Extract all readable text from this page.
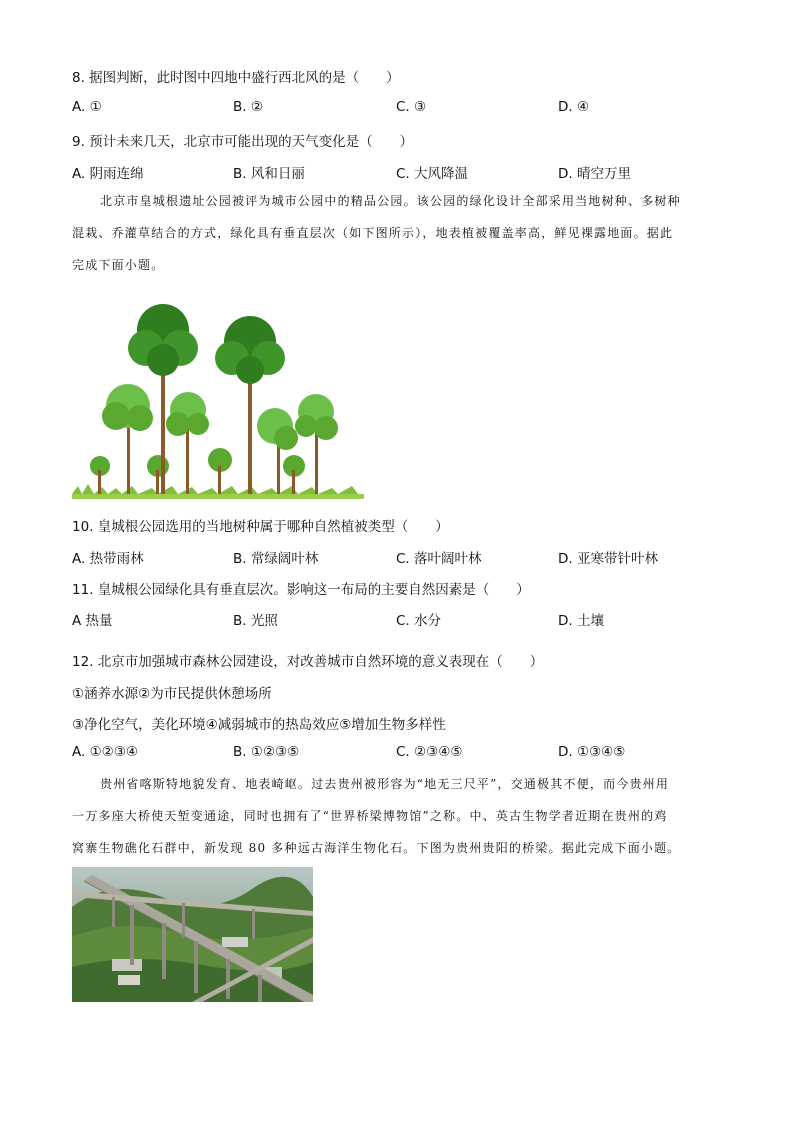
8. 据图判断，此时图中四地中盛行西北风的是（　　）
A. ①	B. ②	C. ③	D. ④
9. 预计未来几天，北京市可能出现的天气变化是（　　）
A. 阴雨连绵	B. 风和日丽	C. 大风降温	D. 晴空万里

北京市皇城根遗址公园被评为城市公园中的精品公园。该公园的绿化设计全部采用当地树种、多树种

混栽、乔灌草结合的方式，绿化具有垂直层次（如下图所示），地表植被覆盖率高，鲜见裸露地面。据此

完成下面小题。

10. 皇城根公园选用的当地树种属于哪种自然植被类型（　　）
A. 热带雨林	B. 常绿阔叶林	C. 落叶阔叶林	D. 亚寒带针叶林
11. 皇城根公园绿化具有垂直层次。影响这一布局的主要自然因素是（　　）
A 热量	B. 光照	C. 水分	D. 土壤
12. 北京市加强城市森林公园建设，对改善城市自然环境的意义表现在（　　）
①涵养水源②为市民提供休憩场所
③净化空气，美化环境④减弱城市的热岛效应⑤增加生物多样性
A. ①②③④	B. ①②③⑤	C. ②③④⑤	D. ①③④⑤

贵州省喀斯特地貌发育、地表崎岖。过去贵州被形容为“地无三尺平”，交通极其不便，而今贵州用

一万多座大桥使天堑变通途，同时也拥有了“世界桥梁博物馆”之称。中、英古生物学者近期在贵州的鸡

窝寨生物礁化石群中，新发现 80 多种远古海洋生物化石。下图为贵州贵阳的桥梁。据此完成下面小题。
